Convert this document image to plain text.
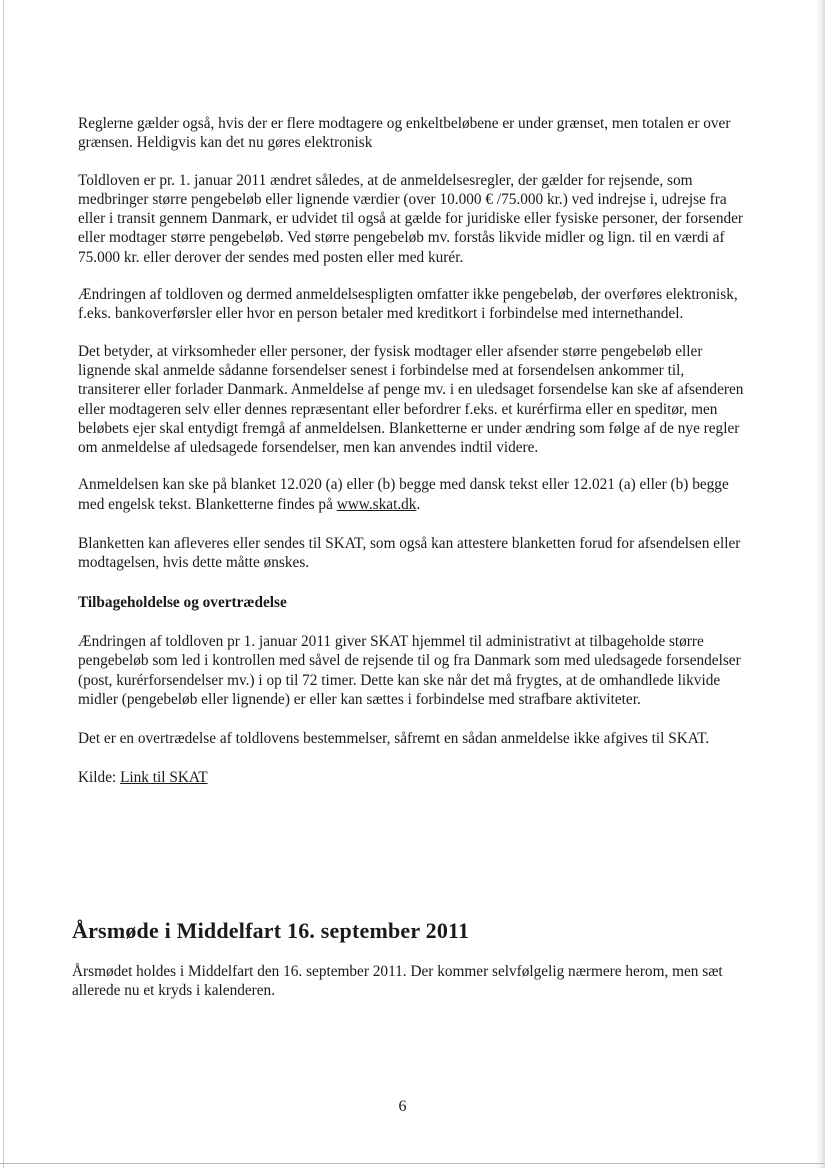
Reglerne gælder også, hvis der er flere modtagere og enkeltbeløbene er under grænset, men totalen er over grænsen. Heldigvis kan det nu gøres elektronisk

Toldloven er pr. 1. januar 2011 ændret således, at de anmeldelsesregler, der gælder for rejsende, som medbringer større pengebeløb eller lignende værdier (over 10.000 € /75.000 kr.) ved indrejse i, udrejse fra eller i transit gennem Danmark, er udvidet til også at gælde for juridiske eller fysiske personer, der forsender eller modtager større pengebeløb. Ved større pengebeløb mv. forstås likvide midler og lign. til en værdi af 75.000 kr. eller derover der sendes med posten eller med kurér.

Ændringen af toldloven og dermed anmeldelsespligten omfatter ikke pengebeløb, der overføres elektronisk, f.eks. bankoverførsler eller hvor en person betaler med kreditkort i forbindelse med internethandel.

Det betyder, at virksomheder eller personer, der fysisk modtager eller afsender større pengebeløb eller lignende skal anmelde sådanne forsendelser senest i forbindelse med at forsendelsen ankommer til, transiterer eller forlader Danmark. Anmeldelse af penge mv. i en uledsaget forsendelse kan ske af afsenderen eller modtageren selv eller dennes repræsentant eller befordrer f.eks. et kurérfirma eller en speditør, men beløbets ejer skal entydigt fremgå af anmeldelsen. Blanketterne er under ændring som følge af de nye regler om anmeldelse af uledsagede forsendelser, men kan anvendes indtil videre.

Anmeldelsen kan ske på blanket 12.020 (a) eller (b) begge med dansk tekst eller 12.021 (a) eller (b) begge med engelsk tekst. Blanketterne findes på www.skat.dk.

Blanketten kan afleveres eller sendes til SKAT, som også kan attestere blanketten forud for afsendelsen eller modtagelsen, hvis dette måtte ønskes.

Tilbageholdelse og overtrædelse

Ændringen af toldloven pr 1. januar 2011 giver SKAT hjemmel til administrativt at tilbageholde større pengebeløb som led i kontrollen med såvel de rejsende til og fra Danmark som med uledsagede forsendelser (post, kurérforsendelser mv.) i op til 72 timer. Dette kan ske når det må frygtes, at de omhandlede likvide midler (pengebeløb eller lignende) er eller kan sættes i forbindelse med strafbare aktiviteter.

Det er en overtrædelse af toldlovens bestemmelser, såfremt en sådan anmeldelse ikke afgives til SKAT.

Kilde: Link til SKAT

Årsmøde i Middelfart 16. september 2011

Årsmødet holdes i Middelfart den 16. september 2011. Der kommer selvfølgelig nærmere herom, men sæt allerede nu et kryds i kalenderen.

6
